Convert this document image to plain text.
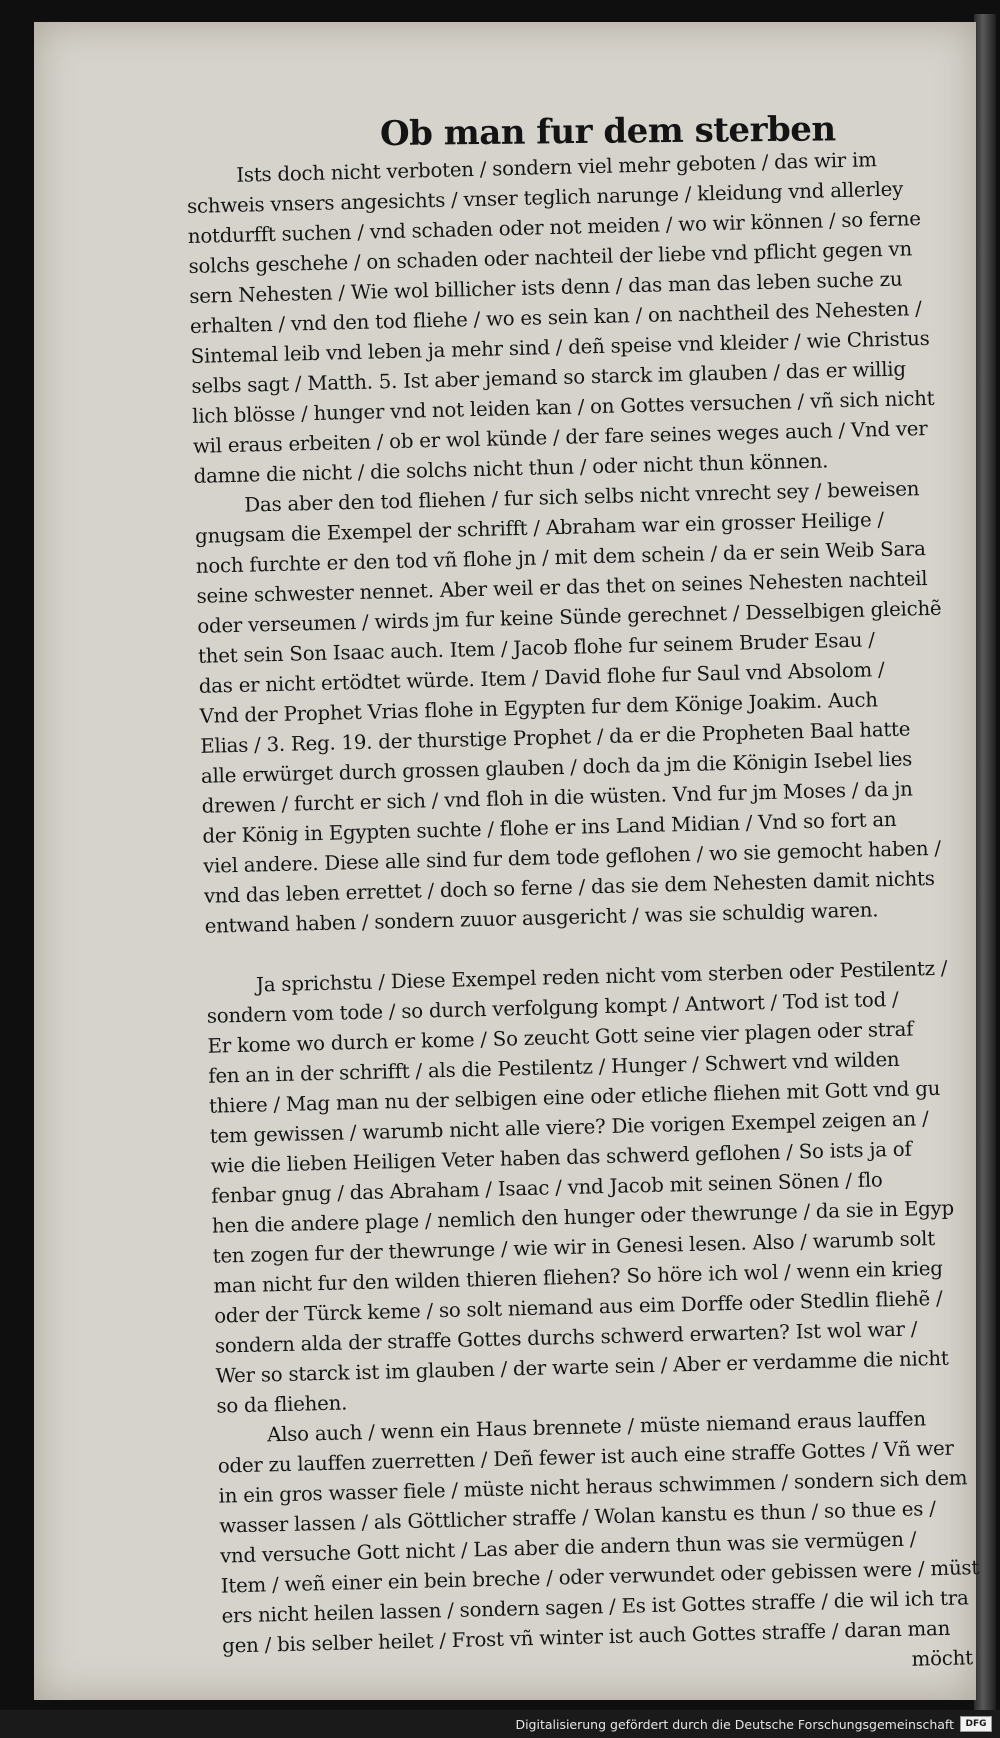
Ob man fur dem sterben
Ists doch nicht verboten / sondern viel mehr geboten / das wir im
schweis vnsers angesichts / vnser teglich narunge / kleidung vnd allerley
notdurfft suchen / vnd schaden oder not meiden / wo wir können / so ferne
solchs geschehe / on schaden oder nachteil der liebe vnd pflicht gegen vn
sern Nehesten / Wie wol billicher ists denn / das man das leben suche zu
erhalten / vnd den tod fliehe / wo es sein kan / on nachtheil des Nehesten /
Sintemal leib vnd leben ja mehr sind / deñ speise vnd kleider / wie Christus
selbs sagt / Matth. 5. Ist aber jemand so starck im glauben / das er willig
lich blösse / hunger vnd not leiden kan / on Gottes versuchen / vñ sich nicht
wil eraus erbeiten / ob er wol künde / der fare seines weges auch / Vnd ver
damne die nicht / die solchs nicht thun / oder nicht thun können.
Das aber den tod fliehen / fur sich selbs nicht vnrecht sey / beweisen
gnugsam die Exempel der schrifft / Abraham war ein grosser Heilige /
noch furchte er den tod vñ flohe jn / mit dem schein / da er sein Weib Sara
seine schwester nennet. Aber weil er das thet on seines Nehesten nachteil
oder verseumen / wirds jm fur keine Sünde gerechnet / Desselbigen gleichẽ
thet sein Son Isaac auch. Item / Jacob flohe fur seinem Bruder Esau /
das er nicht ertödtet würde. Item / David flohe fur Saul vnd Absolom /
Vnd der Prophet Vrias flohe in Egypten fur dem Könige Joakim. Auch
Elias / 3. Reg. 19. der thurstige Prophet / da er die Propheten Baal hatte
alle erwürget durch grossen glauben / doch da jm die Königin Isebel lies
drewen / furcht er sich / vnd floh in die wüsten. Vnd fur jm Moses / da jn
der König in Egypten suchte / flohe er ins Land Midian / Vnd so fort an
viel andere. Diese alle sind fur dem tode geflohen / wo sie gemocht haben /
vnd das leben errettet / doch so ferne / das sie dem Nehesten damit nichts
entwand haben / sondern zuuor ausgericht / was sie schuldig waren.
Ja sprichstu / Diese Exempel reden nicht vom sterben oder Pestilentz /
sondern vom tode / so durch verfolgung kompt / Antwort / Tod ist tod /
Er kome wo durch er kome / So zeucht Gott seine vier plagen oder straf
fen an in der schrifft / als die Pestilentz / Hunger / Schwert vnd wilden
thiere / Mag man nu der selbigen eine oder etliche fliehen mit Gott vnd gu
tem gewissen / warumb nicht alle viere? Die vorigen Exempel zeigen an /
wie die lieben Heiligen Veter haben das schwerd geflohen / So ists ja of
fenbar gnug / das Abraham / Isaac / vnd Jacob mit seinen Sönen / flo
hen die andere plage / nemlich den hunger oder thewrunge / da sie in Egyp
ten zogen fur der thewrunge / wie wir in Genesi lesen. Also / warumb solt
man nicht fur den wilden thieren fliehen? So höre ich wol / wenn ein krieg
oder der Türck keme / so solt niemand aus eim Dorffe oder Stedlin fliehẽ /
sondern alda der straffe Gottes durchs schwerd erwarten? Ist wol war /
Wer so starck ist im glauben / der warte sein / Aber er verdamme die nicht
so da fliehen.
Also auch / wenn ein Haus brennete / müste niemand eraus lauffen
oder zu lauffen zuerretten / Deñ fewer ist auch eine straffe Gottes / Vñ wer
in ein gros wasser fiele / müste nicht heraus schwimmen / sondern sich dem
wasser lassen / als Göttlicher straffe / Wolan kanstu es thun / so thue es /
vnd versuche Gott nicht / Las aber die andern thun was sie vermügen /
Item / weñ einer ein bein breche / oder verwundet oder gebissen were / müst
ers nicht heilen lassen / sondern sagen / Es ist Gottes straffe / die wil ich tra
gen / bis selber heilet / Frost vñ winter ist auch Gottes straffe / daran man
möcht
Digitalisierung gefördert durch die Deutsche Forschungsgemeinschaft	DFG
